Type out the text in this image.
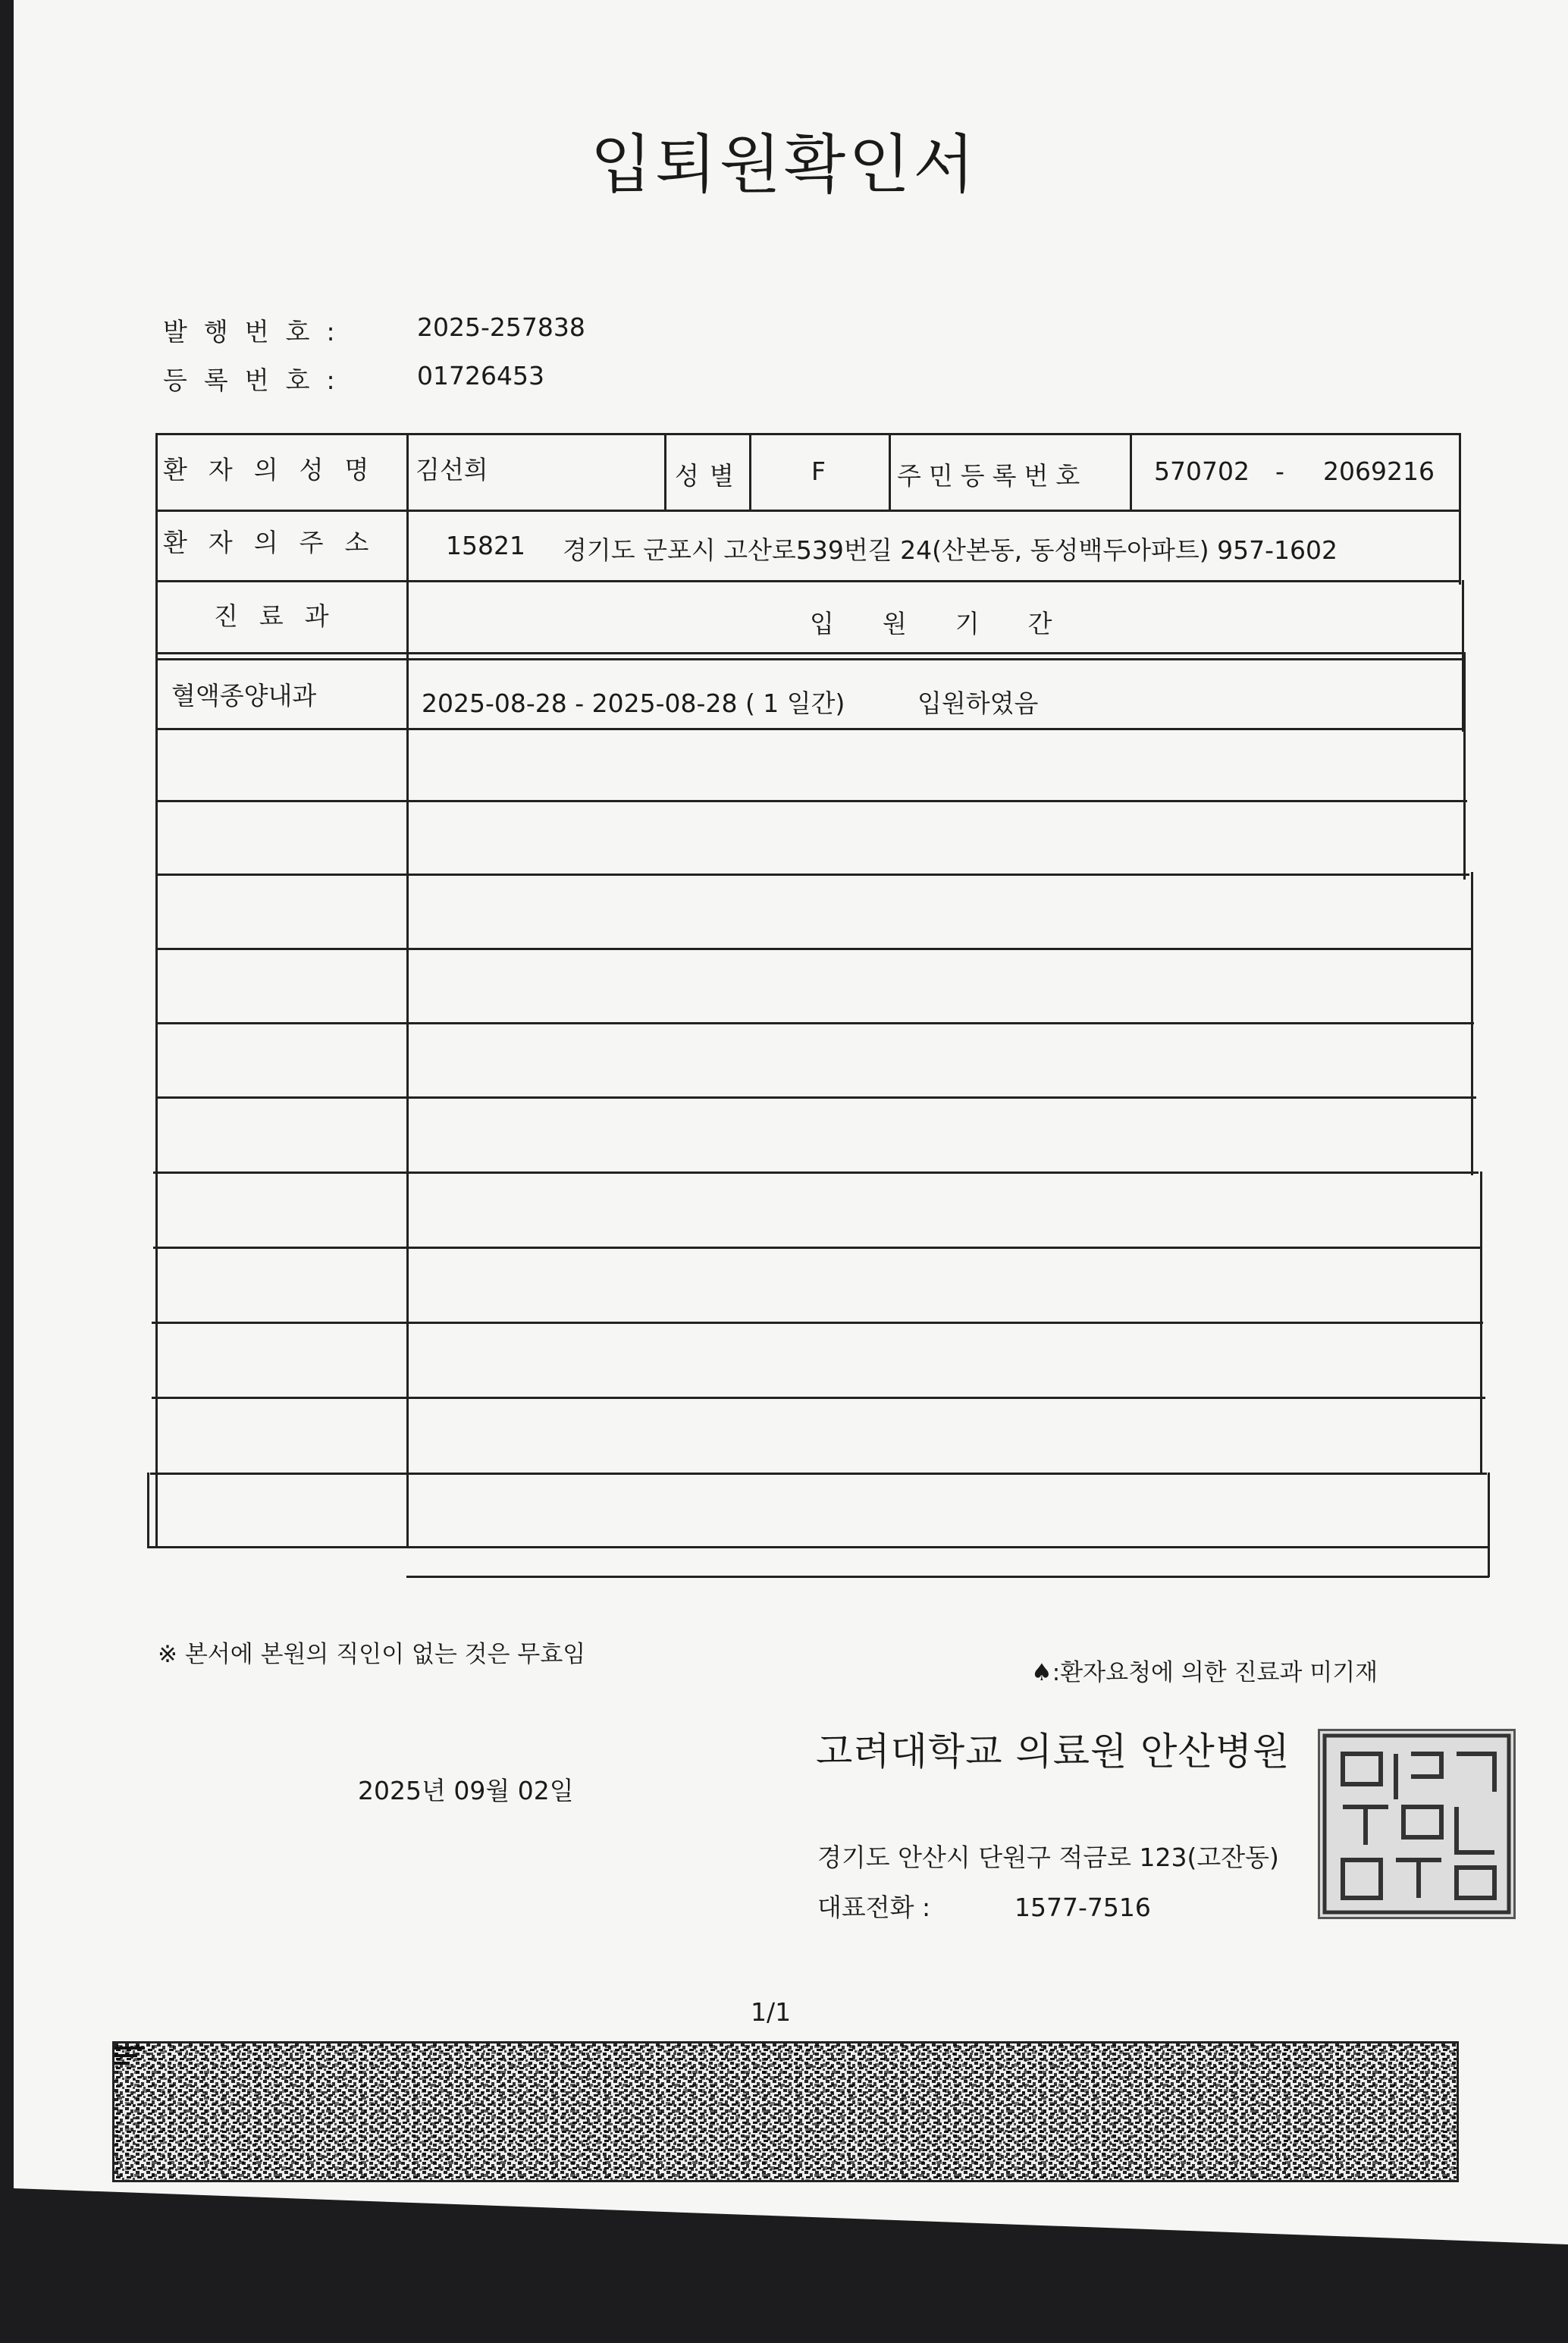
입퇴원확인서
발행번호:	2025-257838
등록번호:	01726453
환자의성명 김선희	성별	F	주민등록번호	570702 - 2069216
환자의주소 15821 경기도 군포시 고산로539번길 24(산본동, 동성백두아파트) 957-1602
진료과	입원기간
혈액종양내과	2025-08-28 - 2025-08-28 ( 1 일간)	입원하였음
※ 본서에 본원의 직인이 없는 것은 무효임
♠:환자요청에 의한 진료과 미기재
고려대학교 의료원 안산병원
2025년 09월 02일
경기도 안산시 단원구 적금로 123(고잔동)
대표전화 :	1577-7516
1/1
